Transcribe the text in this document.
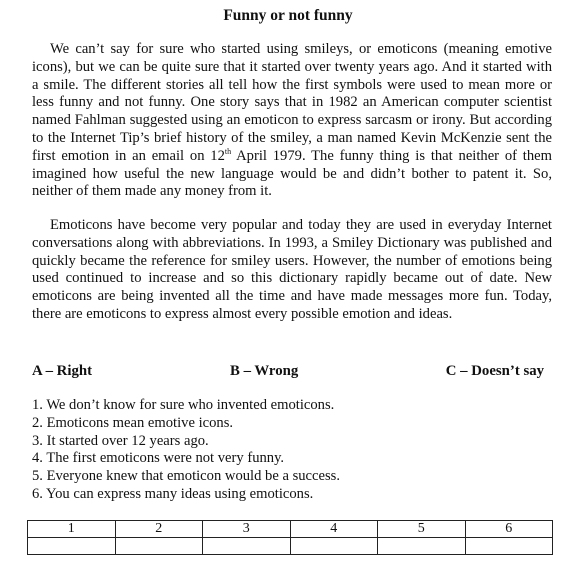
Funny or not funny

We can’t say for sure who started using smileys, or emoticons (meaning emotive icons), but we can be quite sure that it started over twenty years ago. And it started with a smile. The different stories all tell how the first symbols were used to mean more or less funny and not funny. One story says that in 1982 an American computer scientist named Fahlman suggested using an emoticon to express sarcasm or irony. But according to the Internet Tip’s brief history of the smiley, a man named Kevin McKenzie sent the first emotion in an email on 12th April 1979. The funny thing is that neither of them imagined how useful the new language would be and didn’t bother to patent it. So, neither of them made any money from it.

Emoticons have become very popular and today they are used in everyday Internet conversations along with abbreviations. In 1993, a Smiley Dictionary was published and quickly became the reference for smiley users. However, the number of emotions being used continued to increase and so this dictionary rapidly became out of date. New emoticons are being invented all the time and have made messages more fun. Today, there are emoticons to express almost every possible emotion and ideas.

A – Right	B – Wrong	C – Doesn’t say
1. We don’t know for sure who invented emoticons.
2. Emoticons mean emotive icons.
3. It started over 12 years ago.
4. The first emoticons were not very funny.
5. Everyone knew that emoticon would be a success.
6. You can express many ideas using emoticons.
1	2	3	4	5	6
